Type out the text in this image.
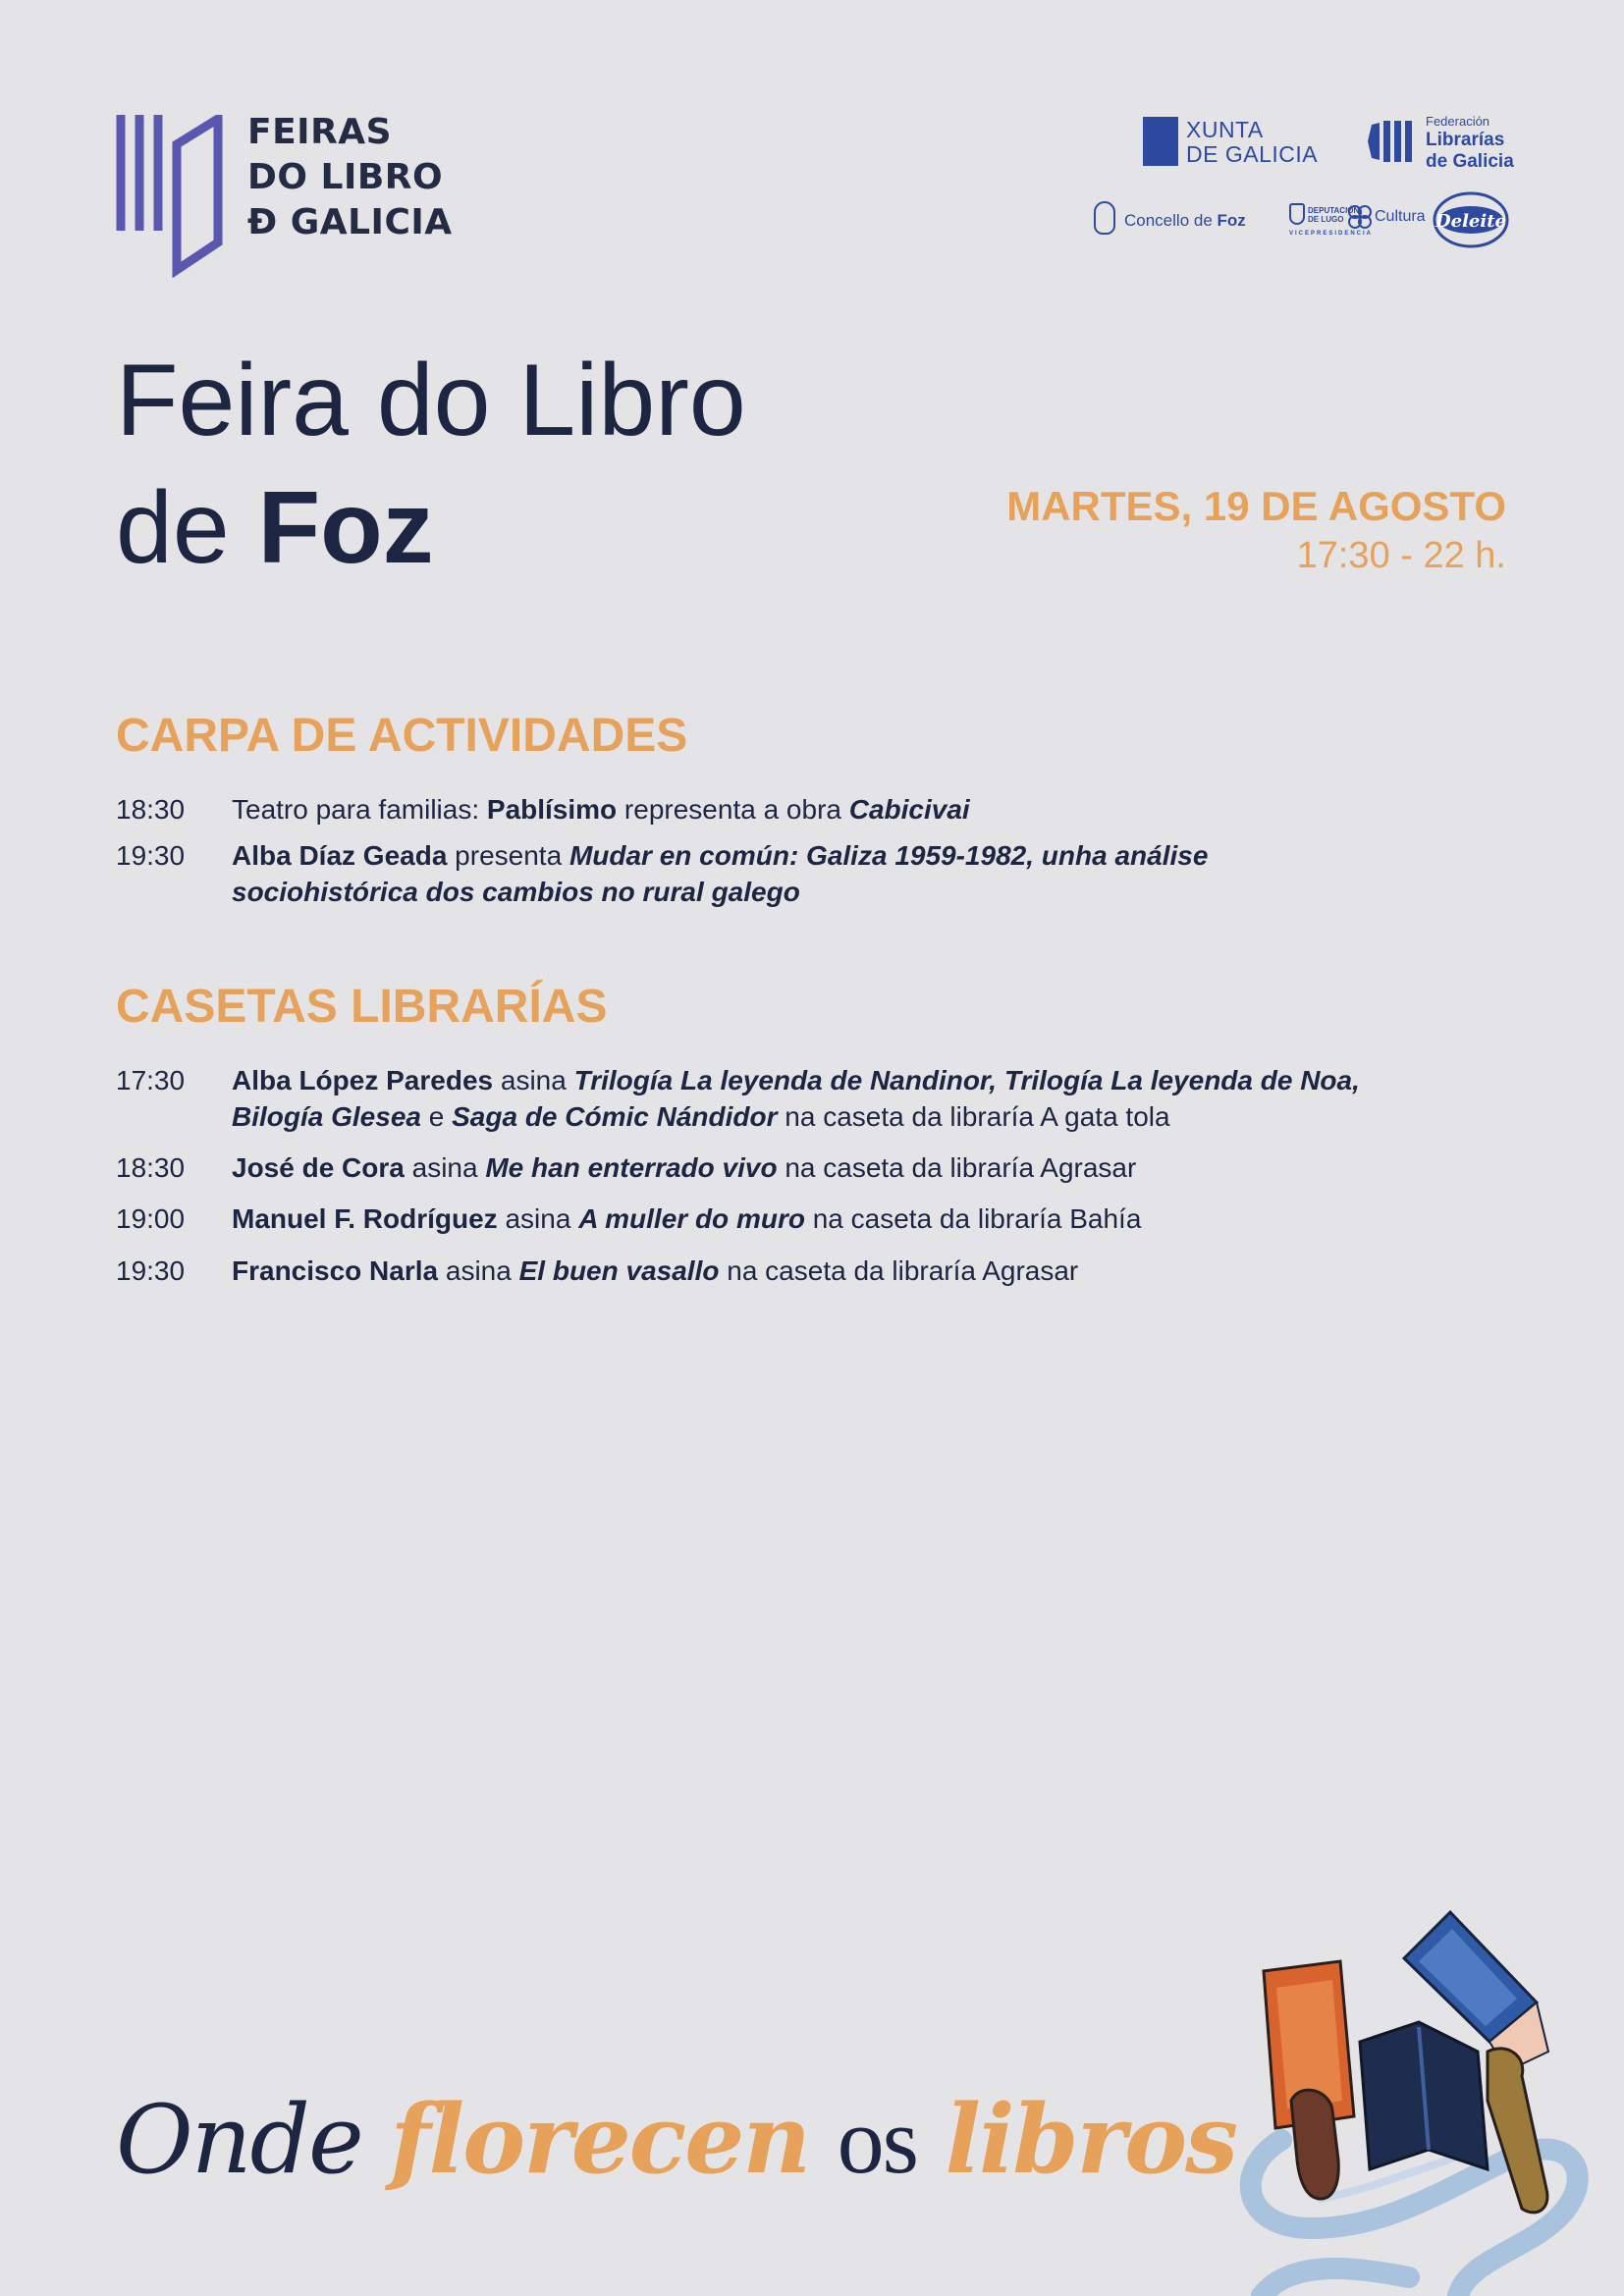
FEIRAS
DO LIBRO
Đ GALICIA
XUNTA
DE GALICIA
Federación
Librarías
de Galicia
Concello de Foz
DEPUTACIÓN
DE LUGO
VICEPRESIDENCIA
Cultura Deleite
Feira do Libro
de Foz	MARTES, 19 DE AGOSTO
17:30 - 22 h.
CARPA DE ACTIVIDADES
18:30	Teatro para familias: Pablísimo representa a obra Cabicivai
19:30	Alba Díaz Geada presenta Mudar en común: Galiza 1959-1982, unha análise
sociohistórica dos cambios no rural galego
CASETAS LIBRARÍAS
17:30	Alba López Paredes asina Trilogía La leyenda de Nandinor, Trilogía La leyenda de Noa,
Bilogía Glesea e Saga de Cómic Nándidor na caseta da libraría A gata tola
18:30	José de Cora asina Me han enterrado vivo na caseta da libraría Agrasar
19:00	Manuel F. Rodríguez asina A muller do muro na caseta da libraría Bahía
19:30	Francisco Narla asina El buen vasallo na caseta da libraría Agrasar
Onde florecen os libros
